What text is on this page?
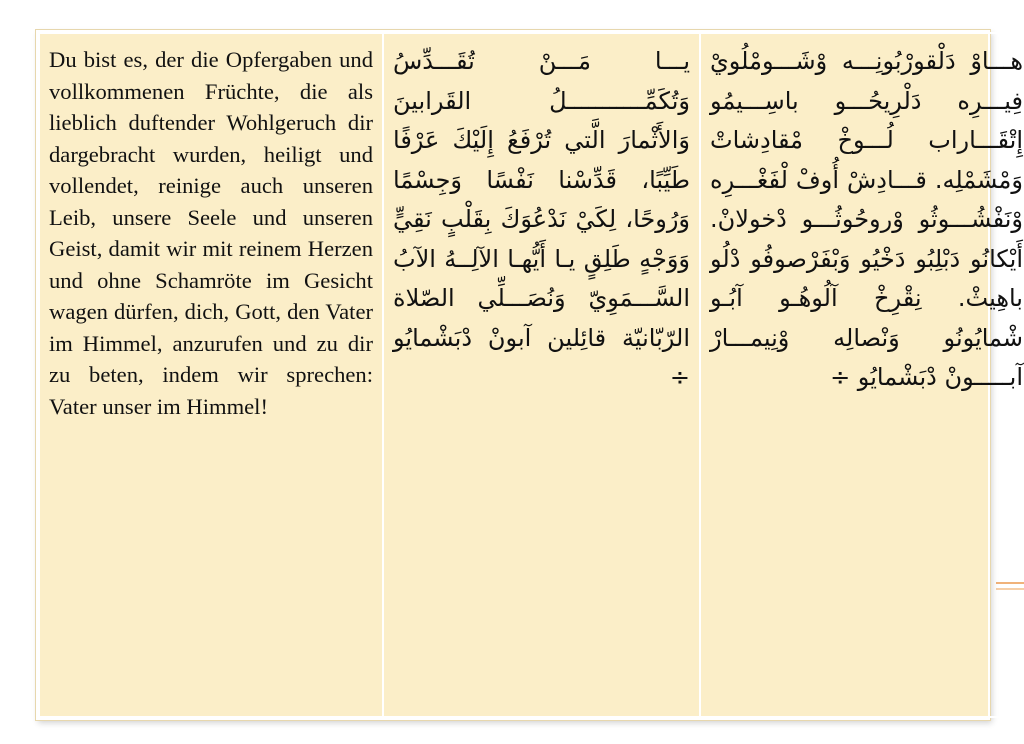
Du bist es, der die Opfergaben und vollkommenen Früchte, die als lieblich duftender Wohlgeruch dir dargebracht wurden, heiligt und vollendet, reinige auch unseren Leib, unsere Seele und unseren Geist, damit wir mit reinem Herzen und ohne Schamröte im Gesicht wagen dürfen, dich, Gott, den Vater im Himmel, anzurufen und zu dir zu beten, indem wir sprechen: Vater unser im Himmel!

يـــا مَـــنْ تُقَـــدِّسُ وَتُكَمِّـــــــــــلُ القَرابينَ وَالأَثْمارَ الَّتي تُرْفَعُ إِلَيْكَ عَرْفًا طَيِّبًا، قَدِّسْنا نَفْسًا وَجِسْمًا وَرُوحًا، لِكَيْ نَدْعُوَكَ بِقَلْبٍ نَقِيٍّ وَوَجْهٍ طَلِقٍ يـا أَيُّهـا الآلِــهُ الآبُ السَّـــمَوِيّ وَنُصَـــلِّي الصّلاة الرّبّانيّة قائِلين آبونْ دْبَشْمايُو ÷

هـــاوْ دَلْقورْبُونِـــه وْشَـــومْلُويْ فِيـــرِه دَلْرِيحُـــو باسِـــيمُو إِتْقَـــاراب لُـــوخْ مْقادِشاتْ وَمْشَمْلِه. قـــادِشْ أُوفْ لْفَغْـــرِه وْنَفْشُـــوثُو وْروحُوثُـــو دْخولانْ. أَيْكانُو دَبْلِبُو دَخْيُو وَبْفَرْصوفُو دْلُو باهِيثْ. نِقْرِخْ آلُوهُـو آبُـو شْمايُونُو وَنْصالِه وْنِيمـــارْ آبـــــونْ دْبَشْمايُو ÷
